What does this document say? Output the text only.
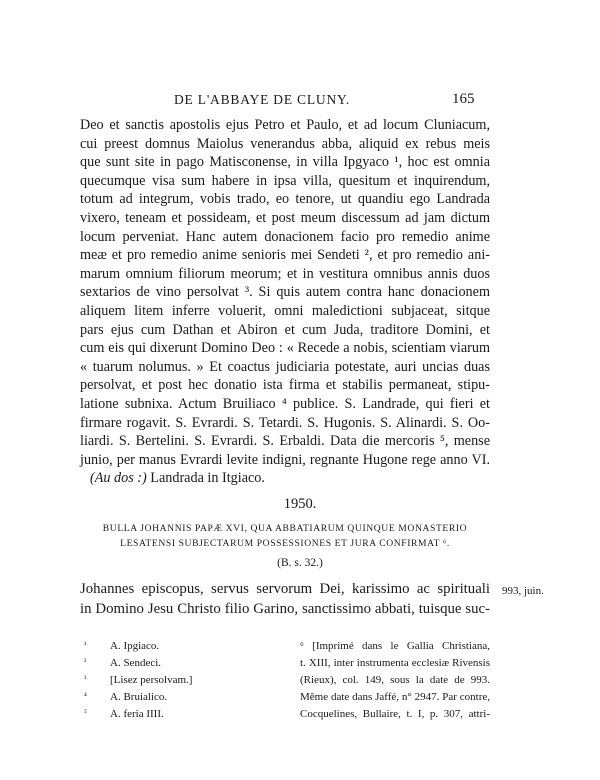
DE L'ABBAYE DE CLUNY.	165
Deo et sanctis apostolis ejus Petro et Paulo, et ad locum Cluniacum,
cui preest domnus Maiolus venerandus abba, aliquid ex rebus meis
que sunt site in pago Matisconense, in villa Ipgyaco ¹, hoc est omnia
quecumque visa sum habere in ipsa villa, quesitum et inquirendum,
totum ad integrum, vobis trado, eo tenore, ut quandiu ego Landrada
vixero, teneam et possideam, et post meum discessum ad jam dictum
locum perveniat. Hanc autem donacionem facio pro remedio anime
meæ et pro remedio anime senioris mei Sendeti ², et pro remedio ani-
marum omnium filiorum meorum; et in vestitura omnibus annis duos
sextarios de vino persolvat ³. Si quis autem contra hanc donacionem
aliquem litem inferre voluerit, omni maledictioni subjaceat, sitque
pars ejus cum Dathan et Abiron et cum Juda, traditore Domini, et
cum eis qui dixerunt Domino Deo : « Recede a nobis, scientiam viarum
« tuarum nolumus. » Et coactus judiciaria potestate, auri uncias duas
persolvat, et post hec donatio ista firma et stabilis permaneat, stipu-
latione subnixa. Actum Bruiliaco ⁴ publice. S. Landrade, qui fieri et
firmare rogavit. S. Evrardi. S. Tetardi. S. Hugonis. S. Alinardi. S. Oo-
liardi. S. Bertelini. S. Evrardi. S. Erbaldi. Data die mercoris ⁵, mense
junio, per manus Evrardi levite indigni, regnante Hugone rege anno VI.
(Au dos :) Landrada in Itgiaco.
1950.
BULLA JOHANNIS PAPÆ XVI, QUA ABBATIARUM QUINQUE MONASTERIO
LESATENSI SUBJECTARUM POSSESSIONES ET JURA CONFIRMAT ⁶.
(B. s. 32.)
Johannes episcopus, servus servorum Dei, karissimo ac spirituali
in Domino Jesu Christo filio Garino, sanctissimo abbati, tuisque suc-
993, juin.
¹ A. Ipgiaco.
² A. Sendeci.
³ [Lisez persolvam.]
⁴ A. Bruialico.
⁵ A. feria IIII.
⁶ [Imprimé dans le Gallia Christiana,
t. XIII, inter instrumenta ecclesiæ Rivensis
(Rieux), col. 149, sous la date de 993.
Même date dans Jaffé, n° 2947. Par contre,
Cocquelines, Bullaire, t. I, p. 307, attri-
